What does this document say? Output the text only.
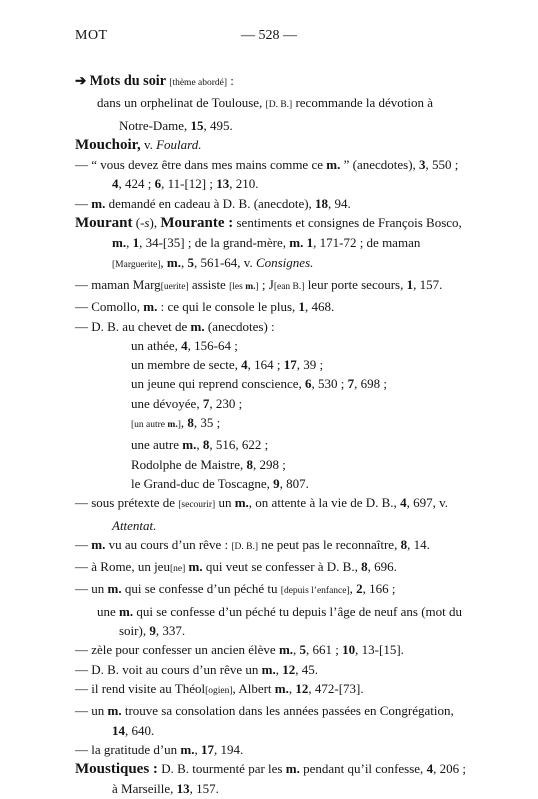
MOT	— 528 —

➔ Mots du soir [thème abordé] :

dans un orphelinat de Toulouse, [D. B.] recommande la dévotion à Notre-Dame, 15, 495.

Mouchoir, v. Foulard.

— “ vous devez être dans mes mains comme ce m. ” (anecdotes), 3, 550 ; 4, 424 ; 6, 11-[12] ; 13, 210.

— m. demandé en cadeau à D. B. (anecdote), 18, 94.

Mourant (-s), Mourante : sentiments et consignes de François Bosco, m., 1, 34-[35] ; de la grand-mère, m. 1, 171-72 ; de maman [Marguerite], m., 5, 561-64, v. Consignes.

— maman Marg[uerite] assiste [les m.] ; J[ean B.] leur porte secours, 1, 157.

— Comollo, m. : ce qui le console le plus, 1, 468.

— D. B. au chevet de m. (anecdotes) :

un athée, 4, 156-64 ;

un membre de secte, 4, 164 ; 17, 39 ;

un jeune qui reprend conscience, 6, 530 ; 7, 698 ;

une dévoyée, 7, 230 ;

[un autre m.], 8, 35 ;

une autre m., 8, 516, 622 ;

Rodolphe de Maistre, 8, 298 ;

le Grand-duc de Toscagne, 9, 807.

— sous prétexte de [secourir] un m., on attente à la vie de D. B., 4, 697, v. Attentat.

— m. vu au cours d’un rêve : [D. B.] ne peut pas le reconnaître, 8, 14.

— à Rome, un jeu[ne] m. qui veut se confesser à D. B., 8, 696.

— un m. qui se confesse d’un péché tu [depuis l’enfance], 2, 166 ;

une m. qui se confesse d’un péché tu depuis l’âge de neuf ans (mot du soir), 9, 337.

— zèle pour confesser un ancien élève m., 5, 661 ; 10, 13-[15].

— D. B. voit au cours d’un rêve un m., 12, 45.

— il rend visite au Théol[ogien], Albert m., 12, 472-[73].

— un m. trouve sa consolation dans les années passées en Congrégation, 14, 640.

— la gratitude d’un m., 17, 194.

Moustiques : D. B. tourmenté par les m. pendant qu’il confesse, 4, 206 ; à Marseille, 13, 157.
